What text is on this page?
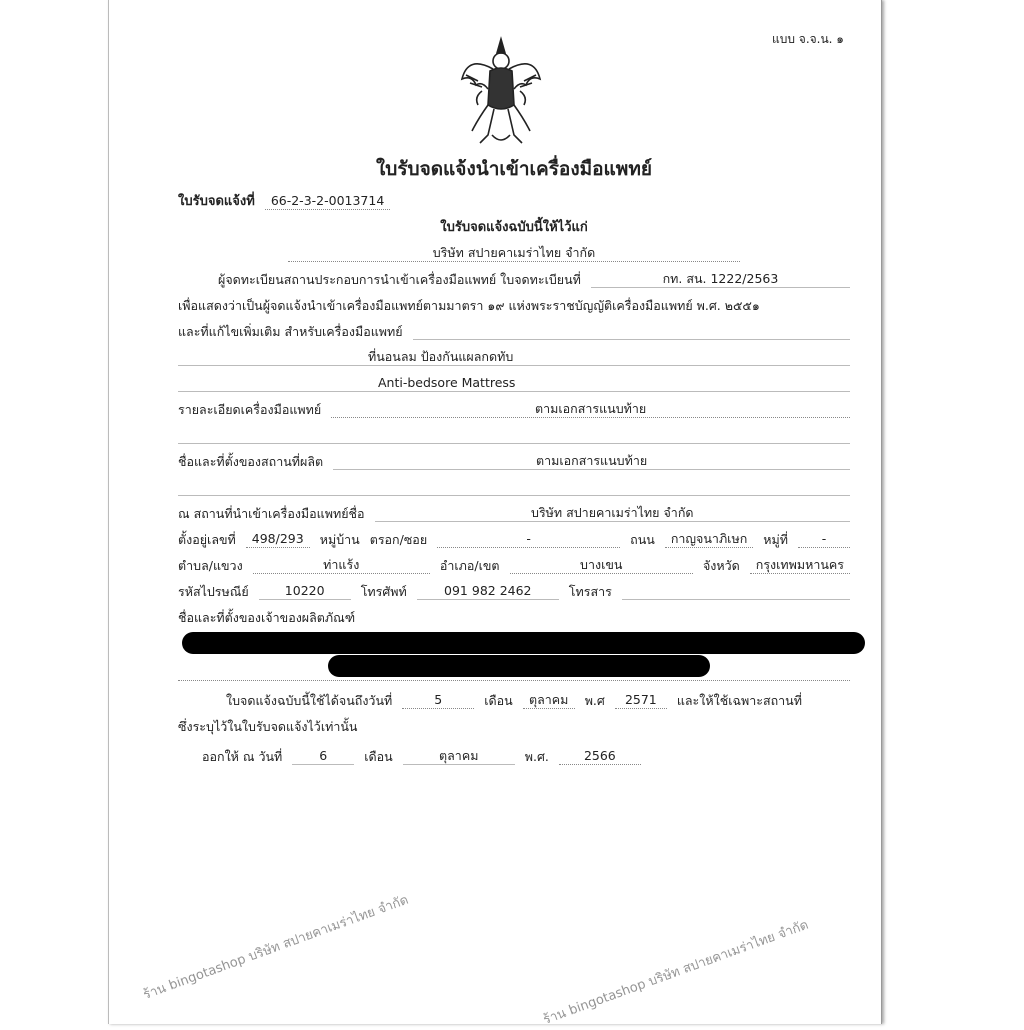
แบบ จ.จ.น. ๑
ใบรับจดแจ้งนำเข้าเครื่องมือแพทย์
ใบรับจดแจ้งที่	66-2-3-2-0013714
ใบรับจดแจ้งฉบับนี้ให้ไว้แก่
บริษัท สปายคาเมร่าไทย จำกัด
ผู้จดทะเบียนสถานประกอบการนำเข้าเครื่องมือแพทย์ ใบจดทะเบียนที่	กท. สน. 1222/2563
เพื่อแสดงว่าเป็นผู้จดแจ้งนำเข้าเครื่องมือแพทย์ตามมาตรา ๑๙ แห่งพระราชบัญญัติเครื่องมือแพทย์ พ.ศ. ๒๕๕๑
และที่แก้ไขเพิ่มเติม สำหรับเครื่องมือแพทย์
ที่นอนลม ป้องกันแผลกดทับ
Anti-bedsore Mattress
รายละเอียดเครื่องมือแพทย์	ตามเอกสารแนบท้าย
ชื่อและที่ตั้งของสถานที่ผลิต	ตามเอกสารแนบท้าย
ณ สถานที่นำเข้าเครื่องมือแพทย์ชื่อ	บริษัท สปายคาเมร่าไทย จำกัด
ตั้งอยู่เลขที่	498/293	หมู่บ้าน ตรอก/ซอย	-	ถนน	กาญจนาภิเษก	หมู่ที่	-
ตำบล/แขวง	ท่าแร้ง	อำเภอ/เขต	บางเขน	จังหวัด	กรุงเทพมหานคร
รหัสไปรษณีย์	10220	โทรศัพท์	091 982 2462	โทรสาร
ชื่อและที่ตั้งของเจ้าของผลิตภัณฑ์
ใบจดแจ้งฉบับนี้ใช้ได้จนถึงวันที่	5	เดือน	ตุลาคม	พ.ศ	2571	และให้ใช้เฉพาะสถานที่
ซึ่งระบุไว้ในใบรับจดแจ้งไว้เท่านั้น
ออกให้ ณ วันที่	6	เดือน	ตุลาคม	พ.ศ.	2566
ร้าน bingotashop บริษัท สปายคาเมร่าไทย จำกัด	ร้าน bingotashop บริษัท สปายคาเมร่าไทย จำกัด
